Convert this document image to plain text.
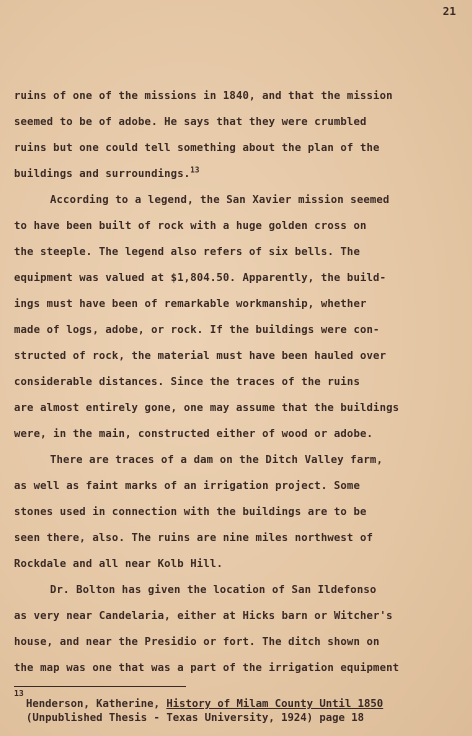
21
ruins of one of the missions in 1840, and that the mission
seemed to be of adobe. He says that they were crumbled
ruins but one could tell something about the plan of the
buildings and surroundings.$^{13}$
According to a legend, the San Xavier mission seemed
to have been built of rock with a huge golden cross on
the steeple. The legend also refers of six bells. The
equipment was valued at $1,804.50. Apparently, the build-
ings must have been of remarkable workmanship, whether
made of logs, adobe, or rock. If the buildings were con-
structed of rock, the material must have been hauled over
considerable distances. Since the traces of the ruins
are almost entirely gone, one may assume that the buildings
were, in the main, constructed either of wood or adobe.
There are traces of a dam on the Ditch Valley farm,
as well as faint marks of an irrigation project. Some
stones used in connection with the buildings are to be
seen there, also. The ruins are nine miles northwest of
Rockdale and all near Kolb Hill.
Dr. Bolton has given the location of San Ildefonso
as very near Candelaria, either at Hicks barn or Witcher's
house, and near the Presidio or fort. The ditch shown on
the map was one that was a part of the irrigation equipment
13
Henderson, Katherine, History of Milam County Until 1850
(Unpublished Thesis - Texas University, 1924) page 18
